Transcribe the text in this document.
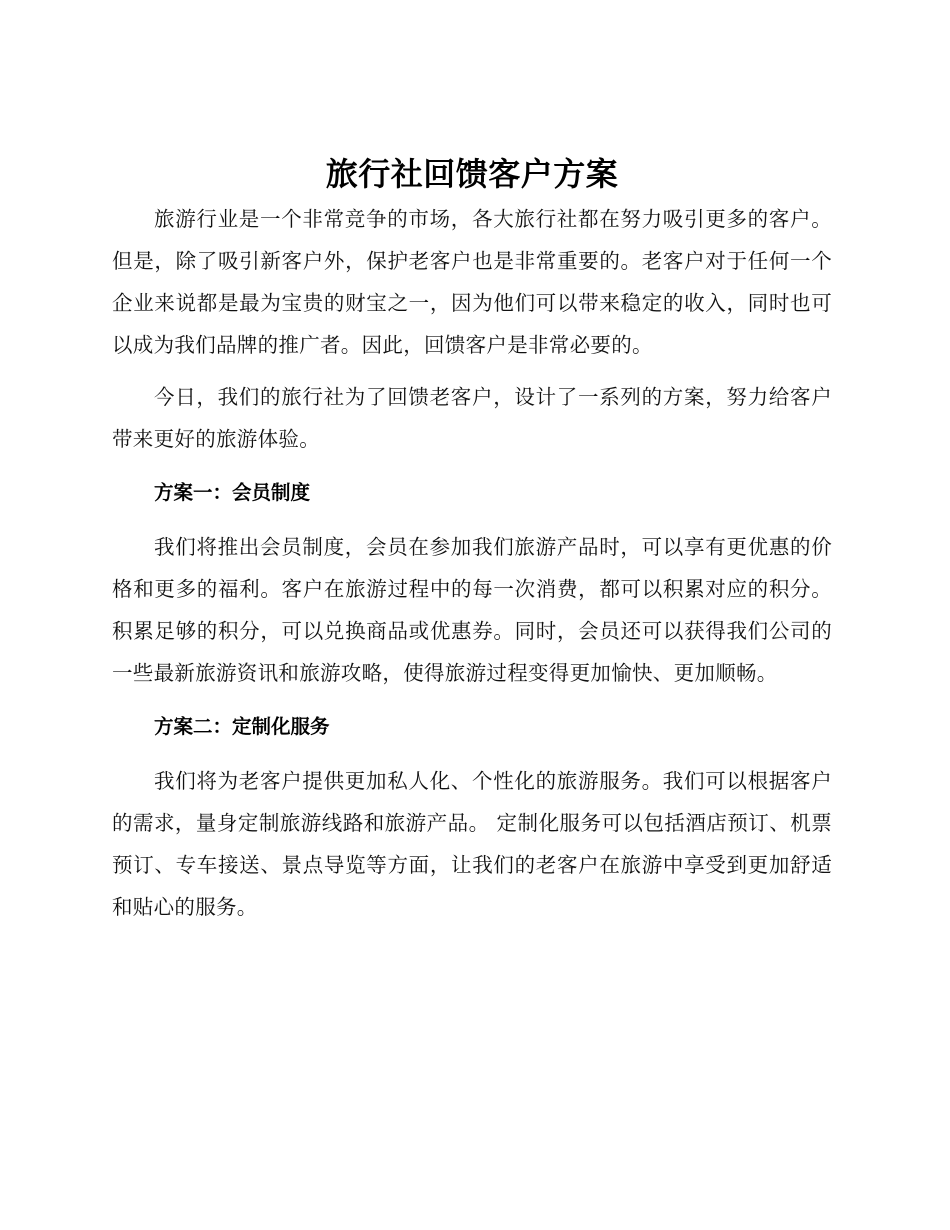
旅行社回馈客户方案

旅游行业是一个非常竞争的市场，各大旅行社都在努力吸引更多的客户。但是，除了吸引新客户外，保护老客户也是非常重要的。老客户对于任何一个企业来说都是最为宝贵的财宝之一，因为他们可以带来稳定的收入，同时也可以成为我们品牌的推广者。因此，回馈客户是非常必要的。

今日，我们的旅行社为了回馈老客户，设计了一系列的方案，努力给客户带来更好的旅游体验。

方案一：会员制度

我们将推出会员制度，会员在参加我们旅游产品时，可以享有更优惠的价格和更多的福利。客户在旅游过程中的每一次消费，都可以积累对应的积分。积累足够的积分，可以兑换商品或优惠券。同时，会员还可以获得我们公司的一些最新旅游资讯和旅游攻略，使得旅游过程变得更加愉快、更加顺畅。

方案二：定制化服务

我们将为老客户提供更加私人化、个性化的旅游服务。我们可以根据客户的需求，量身定制旅游线路和旅游产品。 定制化服务可以包括酒店预订、机票预订、专车接送、景点导览等方面，让我们的老客户在旅游中享受到更加舒适和贴心的服务。
